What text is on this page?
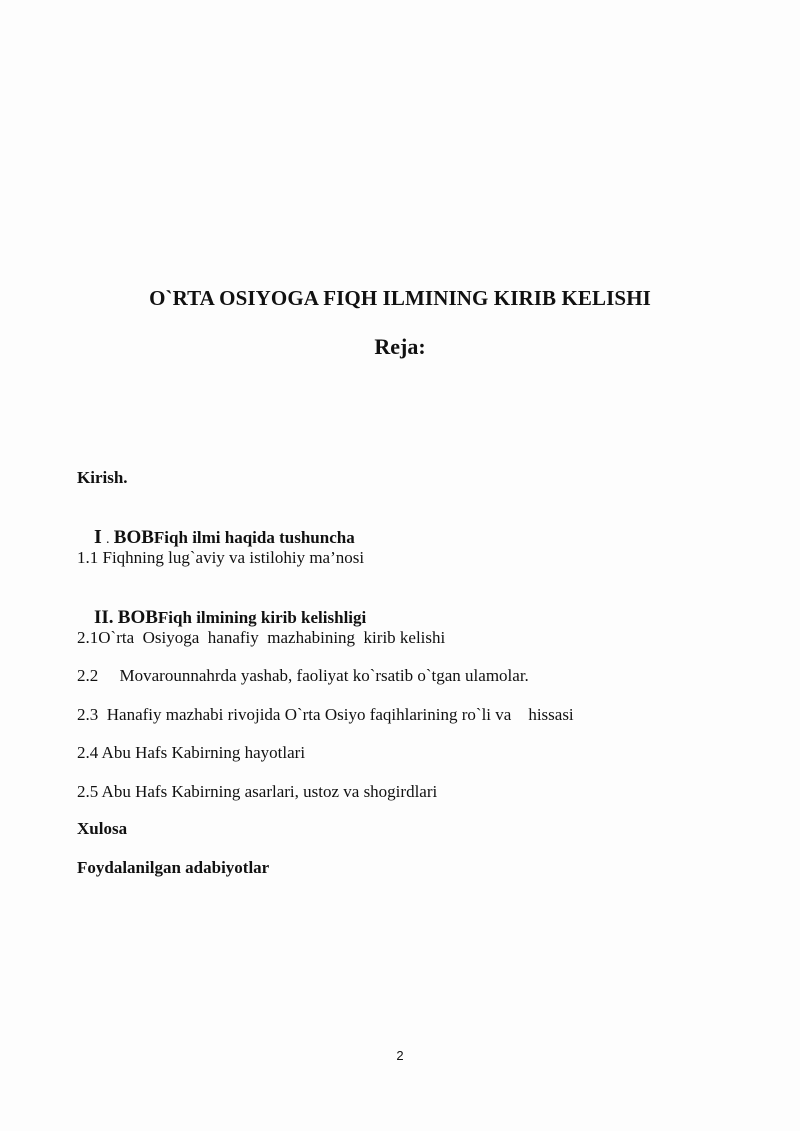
O`RTA OSIYOGA FIQH ILMINING KIRIB KELISHI
Reja:
Kirish.

I . BOBFiqh ilmi haqida tushuncha

1.1 Fiqhning lug`aviy va istilohiy ma’nosi

II. BOBFiqh ilmining kirib kelishligi

2.1O`rta  Osiyoga  hanafiy  mazhabining  kirib kelishi
2.2     Movarounnahrda yashab, faoliyat ko`rsatib o`tgan ulamolar.
2.3  Hanafiy mazhabi rivojida O`rta Osiyo faqihlarining ro`li va    hissasi
2.4 Abu Hafs Kabirning hayotlari
2.5 Abu Hafs Kabirning asarlari, ustoz va shogirdlari
Xulosa
Foydalanilgan adabiyotlar
2
